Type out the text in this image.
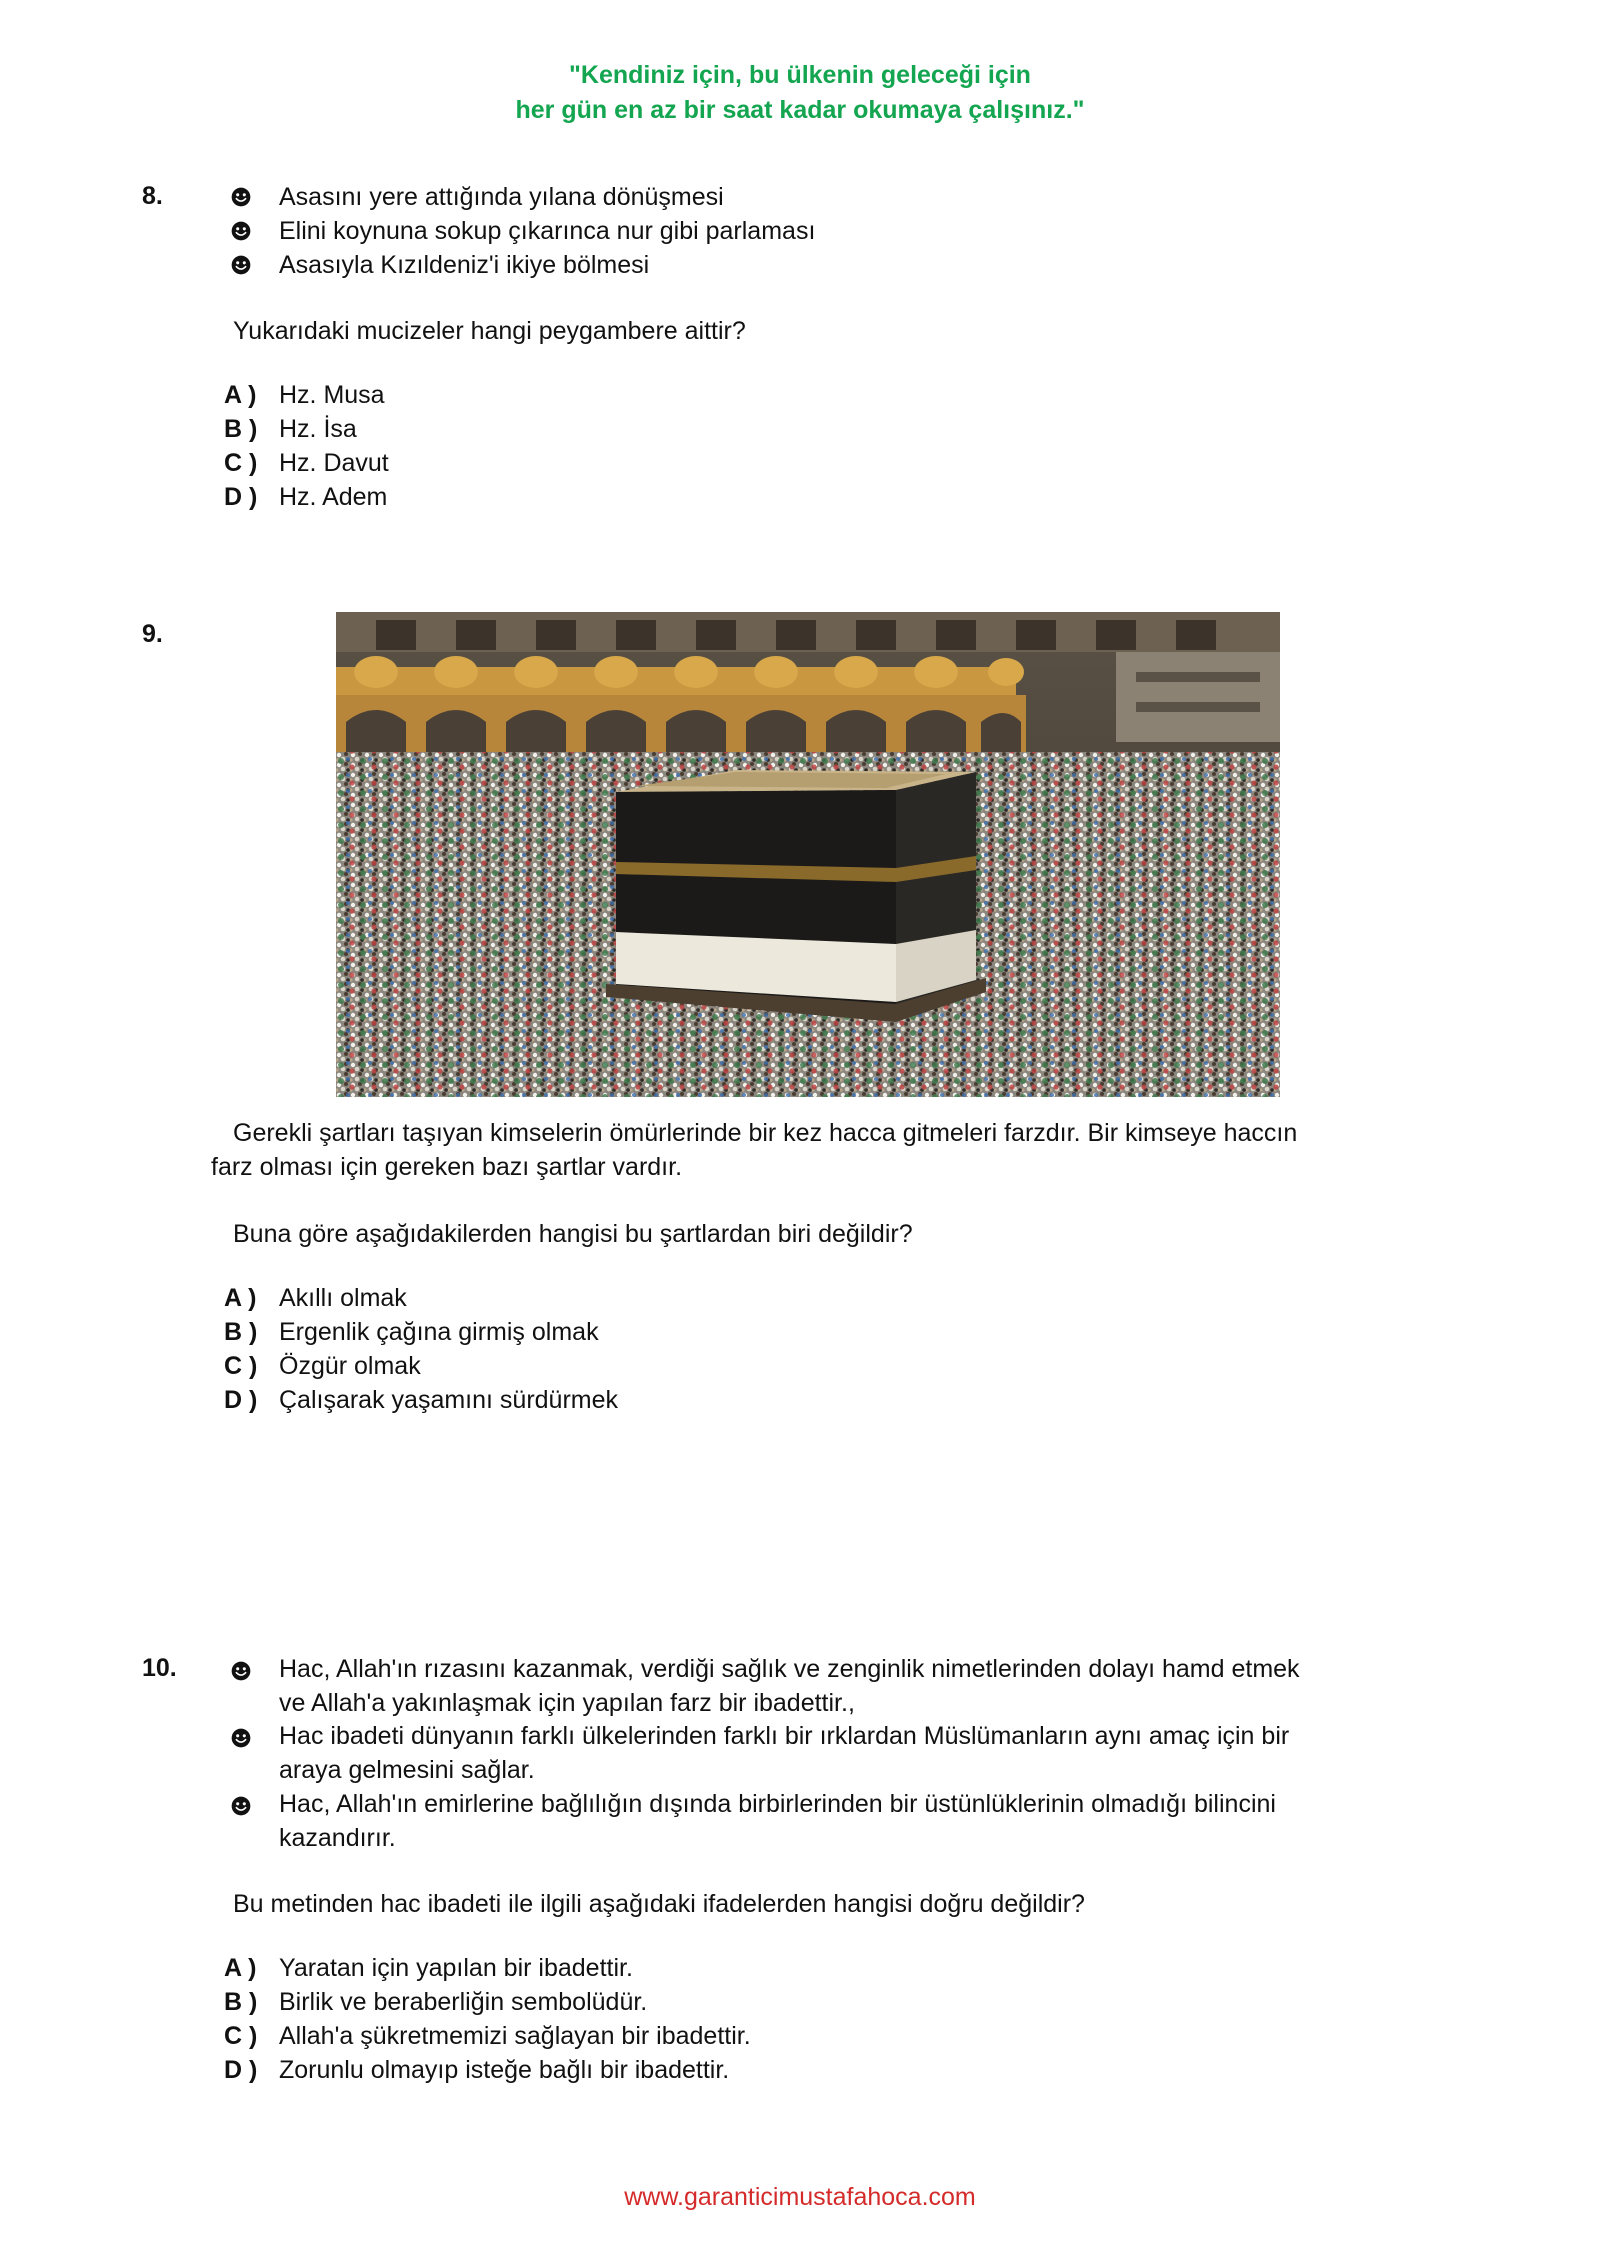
"Kendiniz için, bu ülkenin geleceği için
her gün en az bir saat kadar okumaya çalışınız."
8.	Asasını yere attığında yılana dönüşmesi
Elini koynuna sokup çıkarınca nur gibi parlaması
Asasıyla Kızıldeniz'i ikiye bölmesi
Yukarıdaki mucizeler hangi peygambere aittir?
A ) Hz. Musa
B ) Hz. İsa
C ) Hz. Davut
D ) Hz. Adem
9.
Gerekli şartları taşıyan kimselerin ömürlerinde bir kez hacca gitmeleri farzdır. Bir kimseye haccın
farz olması için gereken bazı şartlar vardır.
Buna göre aşağıdakilerden hangisi bu şartlardan biri değildir?
A ) Akıllı olmak
B ) Ergenlik çağına girmiş olmak
C ) Özgür olmak
D ) Çalışarak yaşamını sürdürmek
10.	Hac, Allah'ın rızasını kazanmak, verdiği sağlık ve zenginlik nimetlerinden dolayı hamd etmek
ve Allah'a yakınlaşmak için yapılan farz bir ibadettir.,
Hac ibadeti dünyanın farklı ülkelerinden farklı bir ırklardan Müslümanların aynı amaç için bir
araya gelmesini sağlar.
Hac, Allah'ın emirlerine bağlılığın dışında birbirlerinden bir üstünlüklerinin olmadığı bilincini
kazandırır.
Bu metinden hac ibadeti ile ilgili aşağıdaki ifadelerden hangisi doğru değildir?
A ) Yaratan için yapılan bir ibadettir.
B ) Birlik ve beraberliğin sembolüdür.
C ) Allah'a şükretmemizi sağlayan bir ibadettir.
D ) Zorunlu olmayıp isteğe bağlı bir ibadettir.
www.garanticimustafahoca.com
